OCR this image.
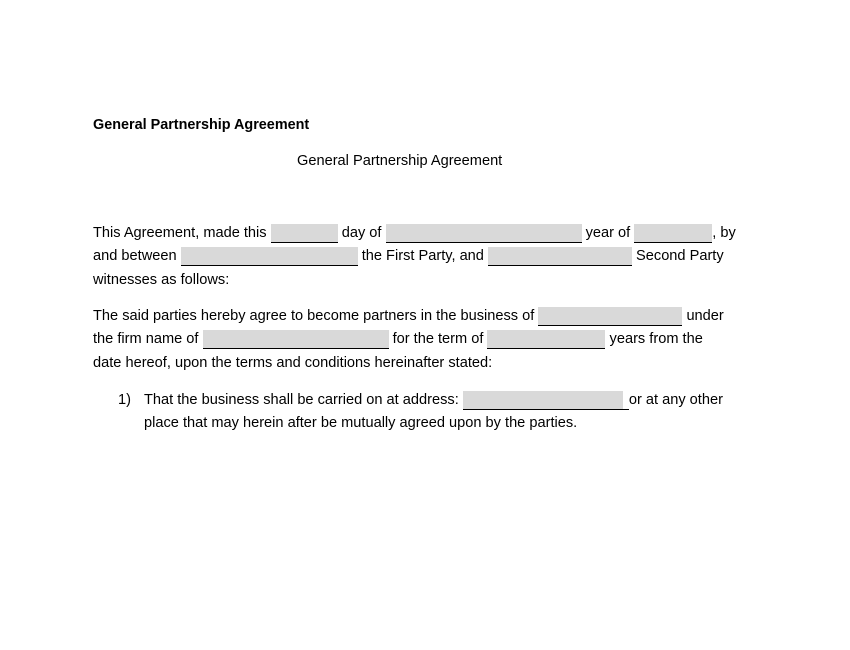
General Partnership Agreement
General Partnership Agreement
This Agreement, made this	day of	year of	, by
and between	the First Party, and	Second Party
witnesses as follows:
The said parties hereby agree to become partners in the business of	under
the firm name of	for the term of	years from the
date hereof, upon the terms and conditions hereinafter stated:
1) That the business shall be carried on at address:	or at any other
place that may herein after be mutually agreed upon by the parties.
